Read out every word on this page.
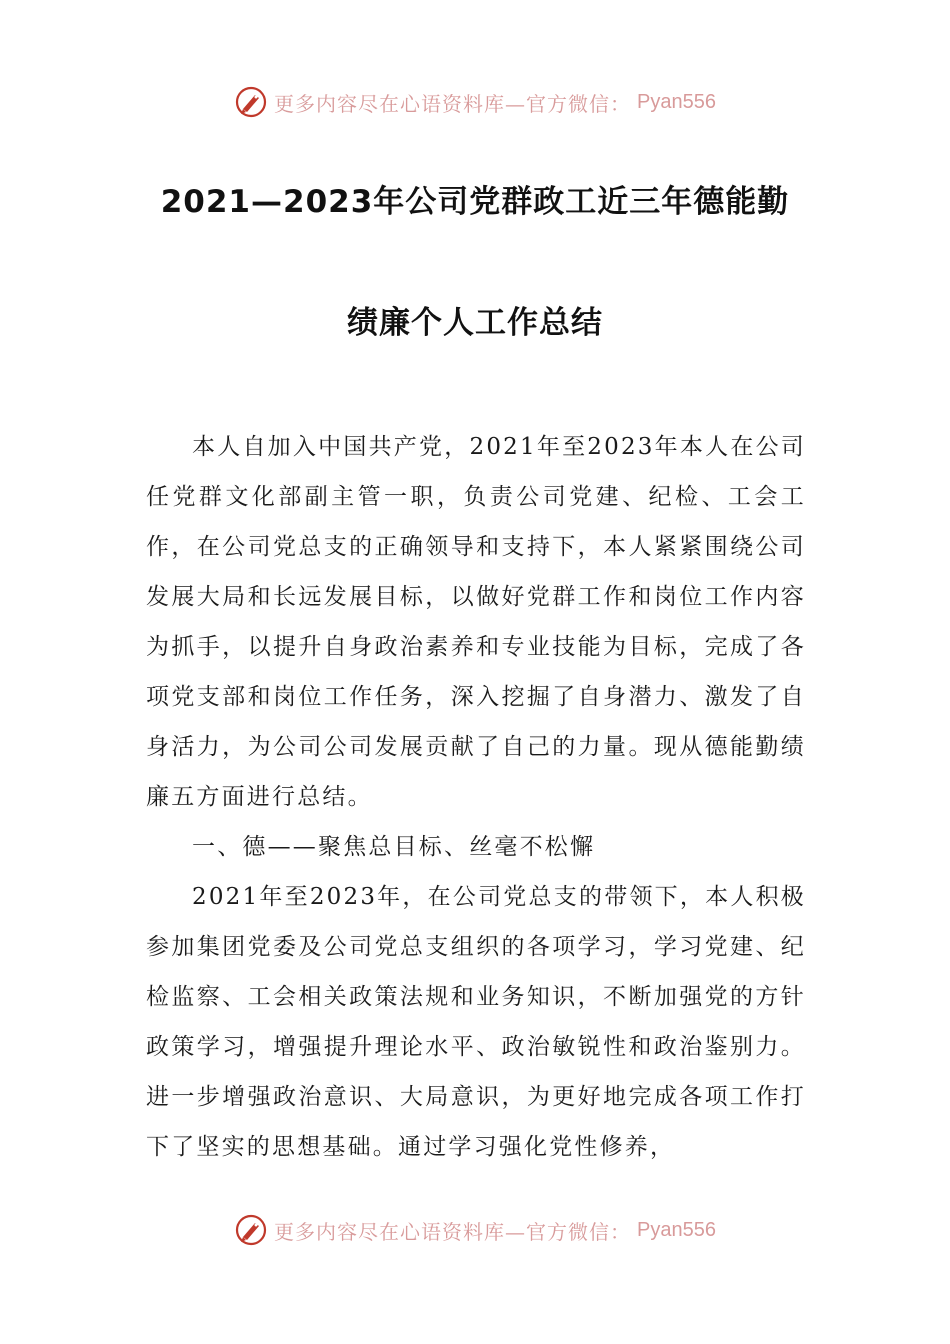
更多内容尽在心语资料库—官方微信： Pyan556
2021—2023年公司党群政工近三年德能勤
绩廉个人工作总结

本人自加入中国共产党，2021年至2023年本人在公司任党群文化部副主管一职，负责公司党建、纪检、工会工作，在公司党总支的正确领导和支持下，本人紧紧围绕公司发展大局和长远发展目标，以做好党群工作和岗位工作内容为抓手，以提升自身政治素养和专业技能为目标，完成了各项党支部和岗位工作任务，深入挖掘了自身潜力、激发了自身活力，为公司公司发展贡献了自己的力量。现从德能勤绩廉五方面进行总结。

一、德——聚焦总目标、丝毫不松懈

2021年至2023年，在公司党总支的带领下，本人积极参加集团党委及公司党总支组织的各项学习，学习党建、纪检监察、工会相关政策法规和业务知识，不断加强党的方针政策学习，增强提升理论水平、政治敏锐性和政治鉴别力。进一步增强政治意识、大局意识，为更好地完成各项工作打下了坚实的思想基础。通过学习强化党性修养，

更多内容尽在心语资料库—官方微信： Pyan556
